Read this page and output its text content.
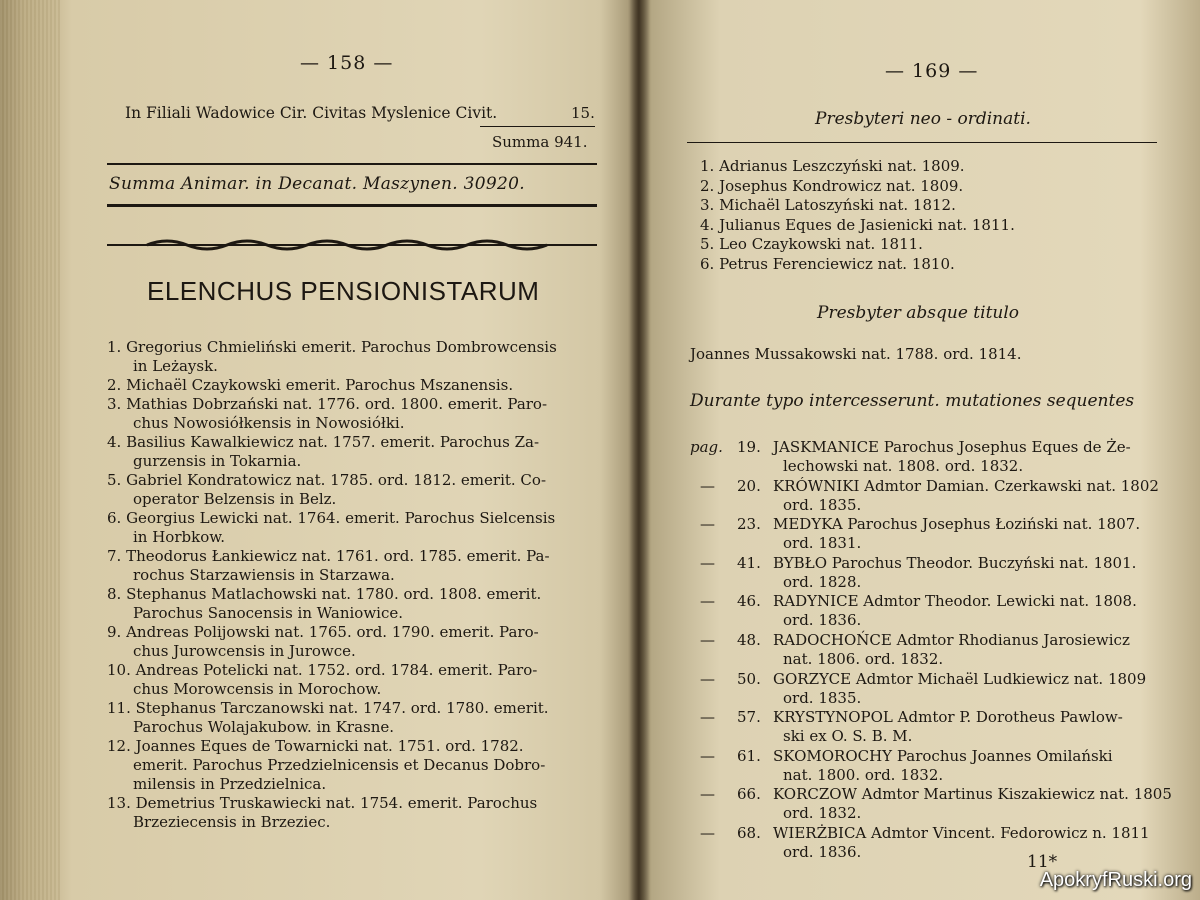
— 158 —
In Filiali Wadowice Cir. Civitas Myslenice Civit.	15.
Summa 941.
Summa Animar. in Decanat. Maszynen. 30920.
ELENCHUS PENSIONISTARUM
1. Gregorius Chmieliński emerit. Parochus Dombrowcensis
in Leżaysk.
2. Michaël Czaykowski emerit. Parochus Mszanensis.
3. Mathias Dobrzański nat. 1776. ord. 1800. emerit. Paro-
chus Nowosiółkensis in Nowosiółki.
4. Basilius Kawalkiewicz nat. 1757. emerit. Parochus Za-
gurzensis in Tokarnia.
5. Gabriel Kondratowicz nat. 1785. ord. 1812. emerit. Co-
operator Belzensis in Belz.
6. Georgius Lewicki nat. 1764. emerit. Parochus Sielcensis
in Horbkow.
7. Theodorus Łankiewicz nat. 1761. ord. 1785. emerit. Pa-
rochus Starzawiensis in Starzawa.
8. Stephanus Matlachowski nat. 1780. ord. 1808. emerit.
Parochus Sanocensis in Waniowice.
9. Andreas Polijowski nat. 1765. ord. 1790. emerit. Paro-
chus Jurowcensis in Jurowce.
10. Andreas Potelicki nat. 1752. ord. 1784. emerit. Paro-
chus Morowcensis in Morochow.
11. Stephanus Tarczanowski nat. 1747. ord. 1780. emerit.
Parochus Wolajakubow. in Krasne.
12. Joannes Eques de Towarnicki nat. 1751. ord. 1782.
emerit. Parochus Przedzielnicensis et Decanus Dobro-
milensis in Przedzielnica.
13. Demetrius Truskawiecki nat. 1754. emerit. Parochus
Brzeziecensis in Brzeziec.
— 169 —
Presbyteri neo - ordinati.
1. Adrianus Leszczyński nat. 1809.
2. Josephus Kondrowicz nat. 1809.
3. Michaël Latoszyński nat. 1812.
4. Julianus Eques de Jasienicki nat. 1811.
5. Leo Czaykowski nat. 1811.
6. Petrus Ferenciewicz nat. 1810.
Presbyter absque titulo
Joannes Mussakowski nat. 1788. ord. 1814.
Durante typo intercesserunt. mutationes sequentes
pag. 19. JASKMANICE Parochus Josephus Eques de Że-
lechowski nat. 1808. ord. 1832.
— 20. KRÓWNIKI Admtor Damian. Czerkawski nat. 1802
ord. 1835.
— 23. MEDYKA Parochus Josephus Łoziński nat. 1807.
ord. 1831.
— 41. BYBŁO Parochus Theodor. Buczyński nat. 1801.
ord. 1828.
— 46. RADYNICE Admtor Theodor. Lewicki nat. 1808.
ord. 1836.
— 48. RADOCHOŃCE Admtor Rhodianus Jarosiewicz
nat. 1806. ord. 1832.
— 50. GORZYCE Admtor Michaël Ludkiewicz nat. 1809
ord. 1835.
— 57. KRYSTYNOPOL Admtor P. Dorotheus Pawlow-
ski ex O. S. B. M.
— 61. SKOMOROCHY Parochus Joannes Omilański
nat. 1800. ord. 1832.
— 66. KORCZOW Admtor Martinus Kiszakiewicz nat. 1805
ord. 1832.
— 68. WIERŻBICA Admtor Vincent. Fedorowicz n. 1811
ord. 1836.	11*
ApokryfRuski.org
